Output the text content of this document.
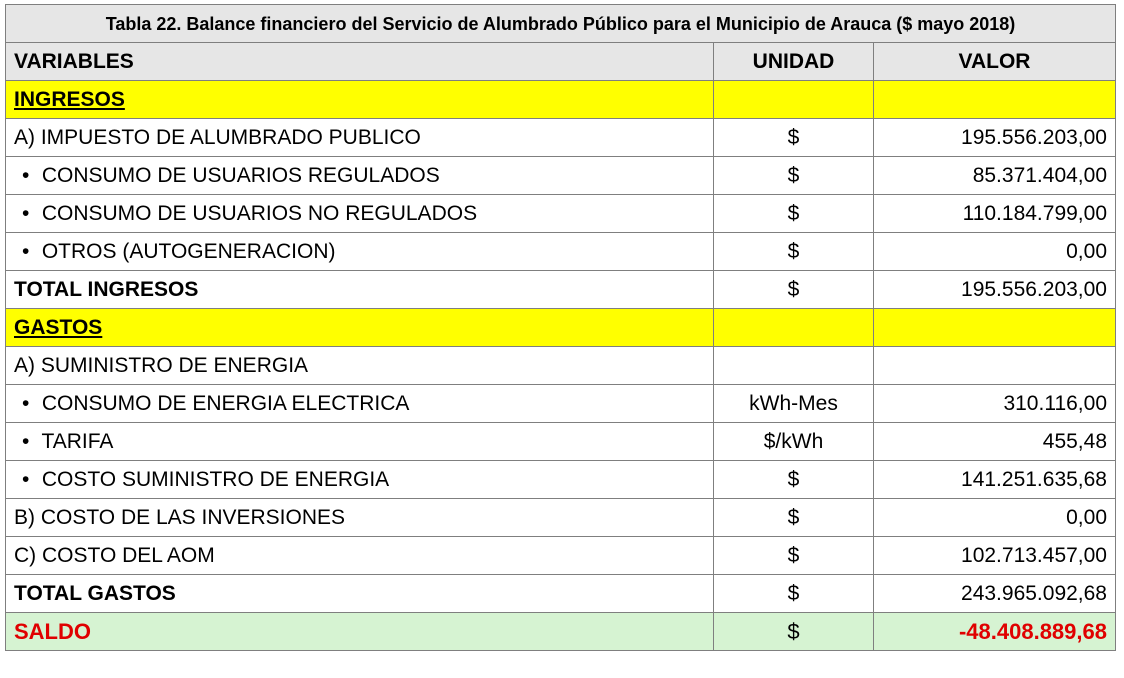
Tabla 22. Balance financiero del Servicio de Alumbrado Público para el Municipio de Arauca ($ mayo 2018)		
VARIABLES	UNIDAD	VALOR
INGRESOS		
A) IMPUESTO DE ALUMBRADO PUBLICO	$	195.556.203,00
• CONSUMO DE USUARIOS REGULADOS	$	85.371.404,00
• CONSUMO DE USUARIOS NO REGULADOS	$	110.184.799,00
• OTROS (AUTOGENERACION)	$	0,00
TOTAL INGRESOS	$	195.556.203,00
GASTOS		
A) SUMINISTRO DE ENERGIA		
• CONSUMO DE ENERGIA ELECTRICA	kWh-Mes	310.116,00
• TARIFA	$/kWh	455,48
• COSTO SUMINISTRO DE ENERGIA	$	141.251.635,68
B) COSTO DE LAS INVERSIONES	$	0,00
C) COSTO DEL AOM	$	102.713.457,00
TOTAL GASTOS	$	243.965.092,68
SALDO	$	-48.408.889,68
